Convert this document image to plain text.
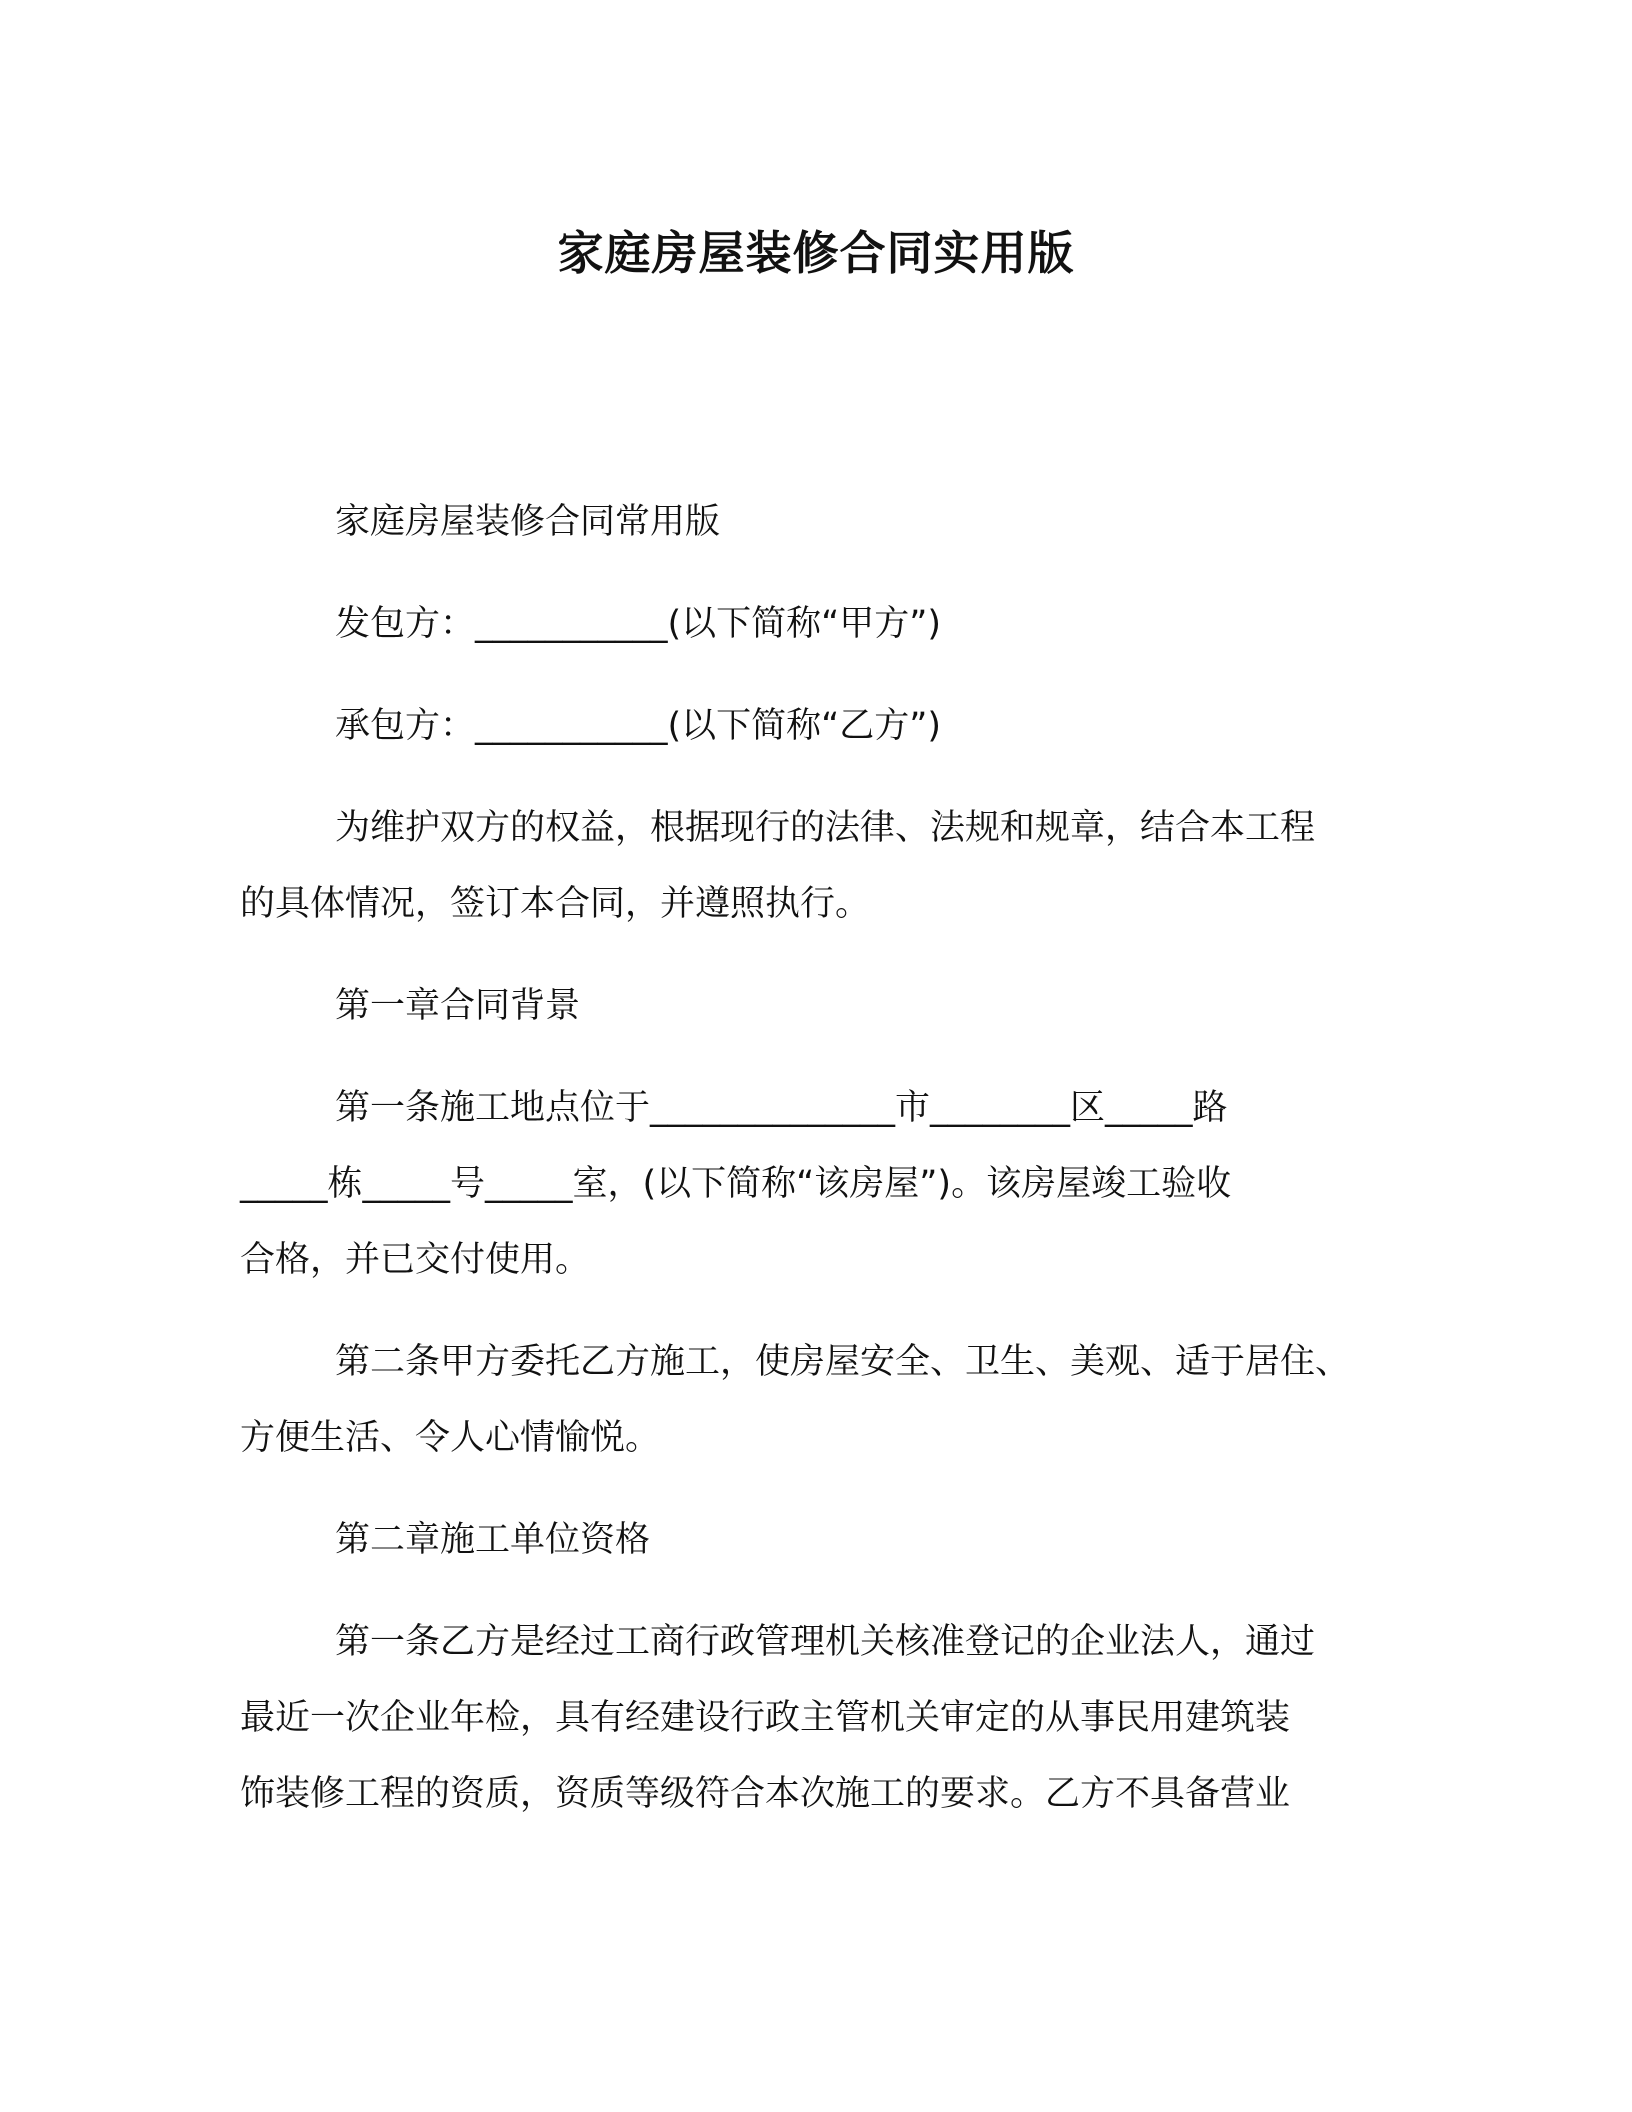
家庭房屋装修合同实用版

家庭房屋装修合同常用版

发包方：___________(以下简称“甲方”)

承包方：___________(以下简称“乙方”)

为维护双方的权益，根据现行的法律、法规和规章，结合本工程

的具体情况，签订本合同，并遵照执行。

第一章合同背景

第一条施工地点位于______________市________区_____路

_____栋_____号_____室，(以下简称“该房屋”)。该房屋竣工验收

合格，并已交付使用。

第二条甲方委托乙方施工，使房屋安全、卫生、美观、适于居住、

方便生活、令人心情愉悦。

第二章施工单位资格

第一条乙方是经过工商行政管理机关核准登记的企业法人，通过

最近一次企业年检，具有经建设行政主管机关审定的从事民用建筑装

饰装修工程的资质，资质等级符合本次施工的要求。乙方不具备营业
